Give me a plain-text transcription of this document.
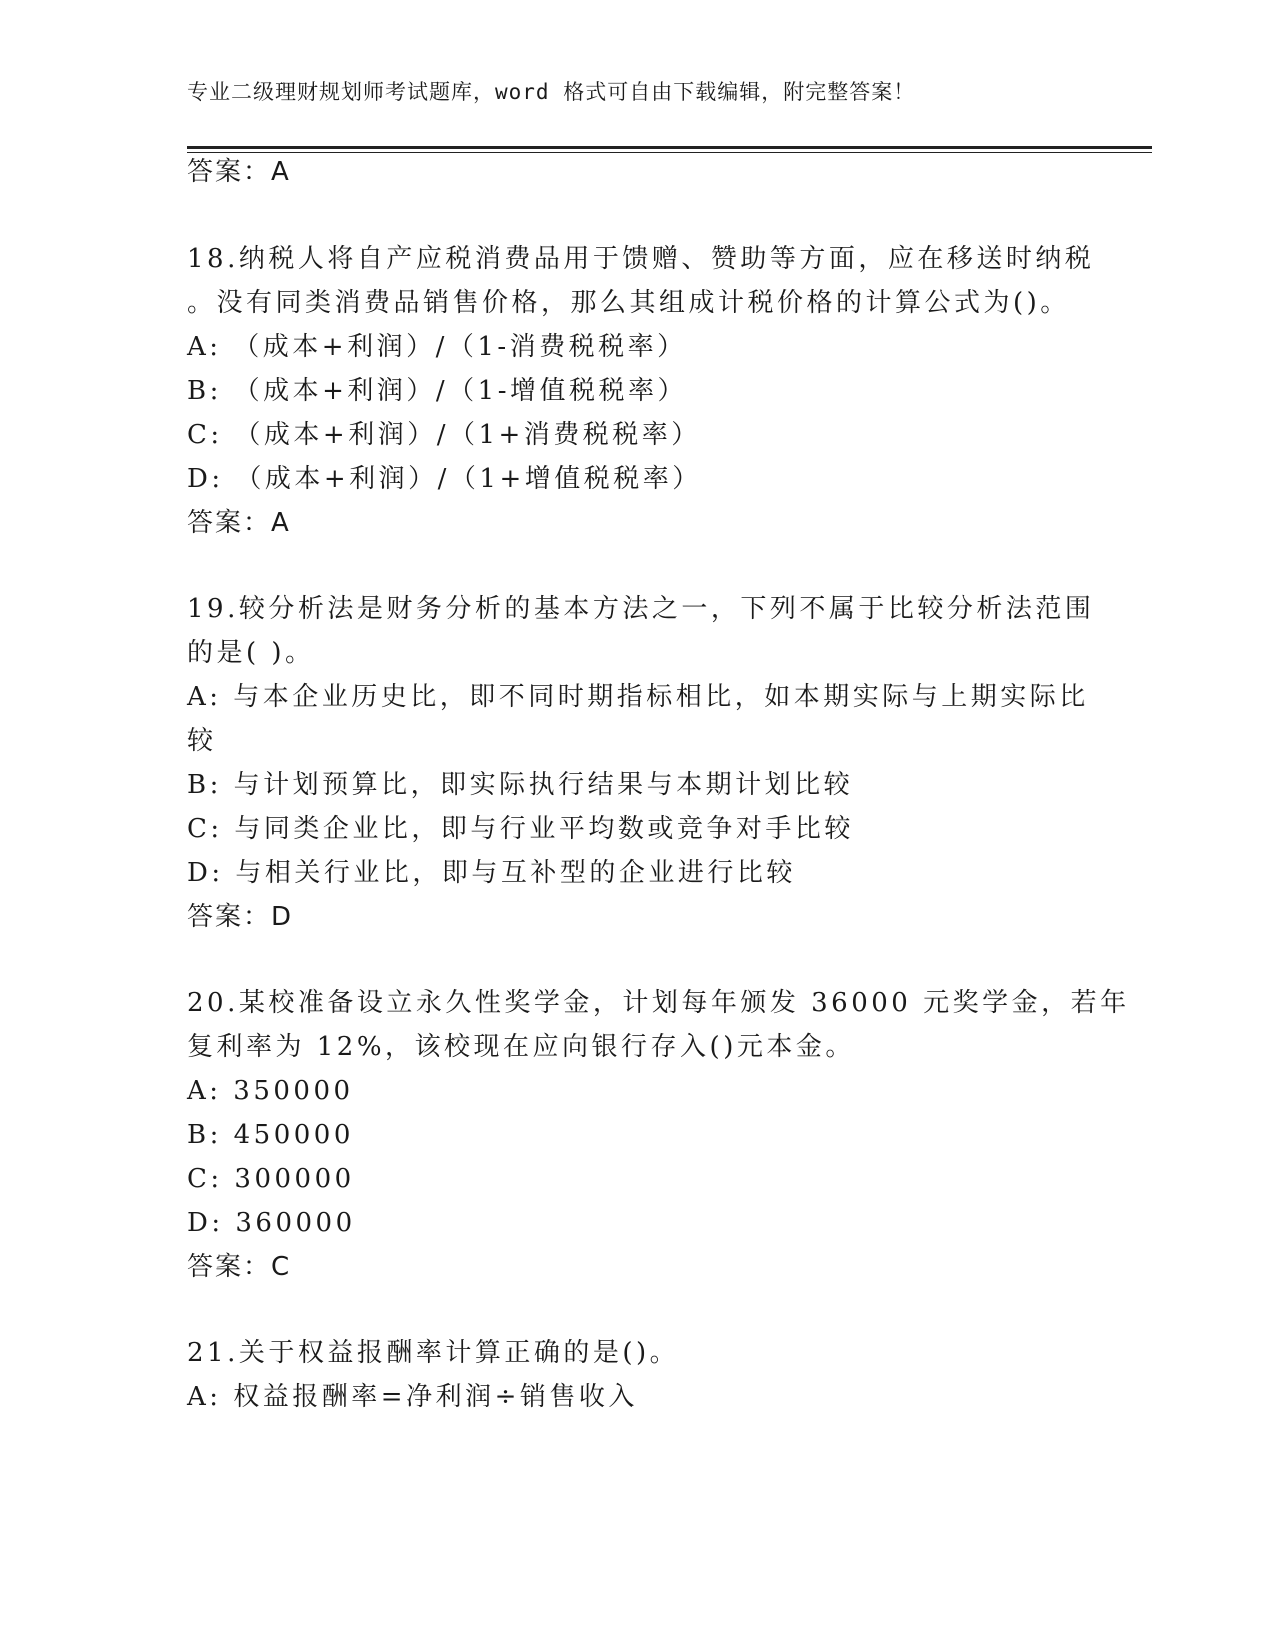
专业二级理财规划师考试题库，word 格式可自由下载编辑，附完整答案！
答案：A
18.纳税人将自产应税消费品用于馈赠、赞助等方面，应在移送时纳税
。没有同类消费品销售价格，那么其组成计税价格的计算公式为()。
A: （成本+利润）/（1-消费税税率）
B: （成本+利润）/（1-增值税税率）
C: （成本+利润）/（1+消费税税率）
D: （成本+利润）/（1+增值税税率）
答案：A
19.较分析法是财务分析的基本方法之一，下列不属于比较分析法范围
的是( )。
A: 与本企业历史比，即不同时期指标相比，如本期实际与上期实际比
较
B: 与计划预算比，即实际执行结果与本期计划比较
C: 与同类企业比，即与行业平均数或竞争对手比较
D: 与相关行业比，即与互补型的企业进行比较
答案：D
20.某校准备设立永久性奖学金，计划每年颁发 36000 元奖学金，若年
复利率为 12%，该校现在应向银行存入()元本金。
A: 350000
B: 450000
C: 300000
D: 360000
答案：C
21.关于权益报酬率计算正确的是()。
A: 权益报酬率=净利润÷销售收入
